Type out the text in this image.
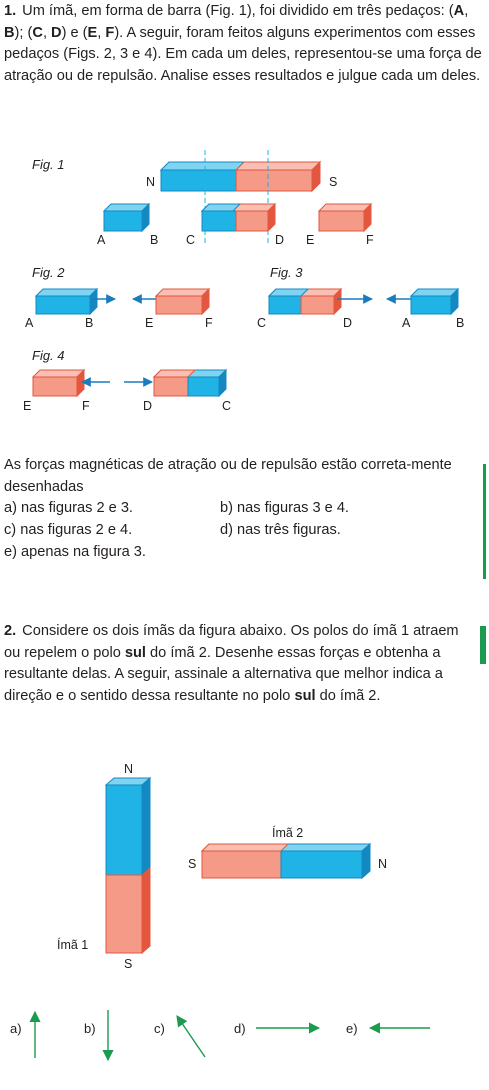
1. Um ímã, em forma de barra (Fig. 1), foi dividido em três pedaços: (A, B); (C, D) e (E, F). A seguir, foram feitos alguns experimentos com esses pedaços (Figs. 2, 3 e 4). Em cada um deles, representou-se uma força de atração ou de repulsão. Analise esses resultados e julgue cada um deles.

Fig. 1
N	S
A	B C	D E	F
Fig. 2
A	B	E	F
Fig. 3
C	D	A	B
Fig. 4
E	F	D	C

As forças magnéticas de atração ou de repulsão estão correta-mente desenhadas

a) nas figuras 2 e 3.	b) nas figuras 3 e 4.
c) nas figuras 2 e 4.	d) nas três figuras.
e) apenas na figura 3.

2. Considere os dois ímãs da figura abaixo. Os polos do ímã 1 atraem ou repelem o polo sul do ímã 2. Desenhe essas forças e obtenha a resultante delas. A seguir, assinale a alternativa que melhor indica a direção e o sentido dessa resultante no polo sul do ímã 2.

N
S
Ímã 1
Ímã 2
S	N
a)	b)	c)	d)	e)
